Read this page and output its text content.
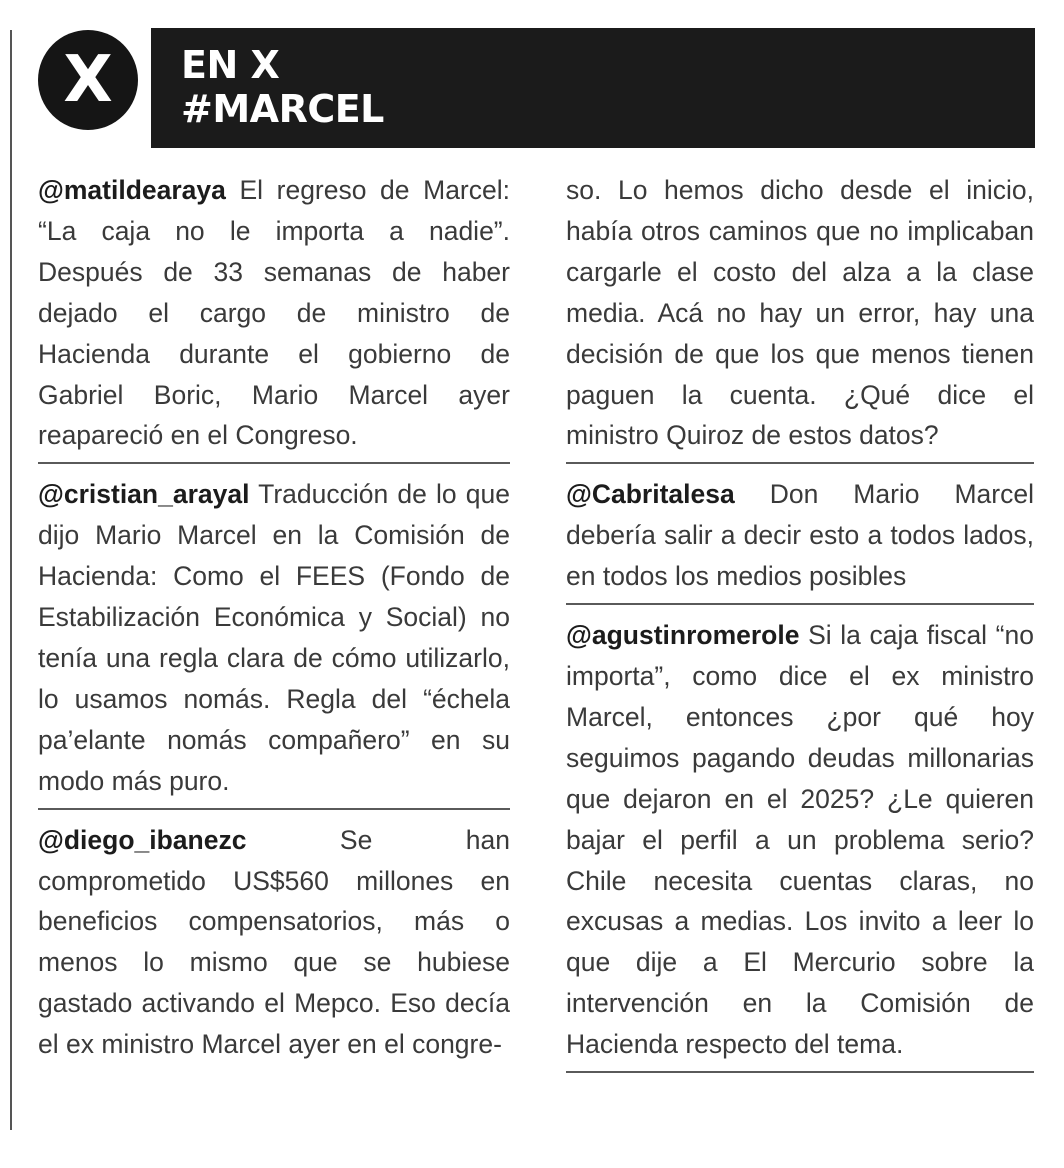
X EN X
#MARCEL
@matildearaya El regreso de Marcel: “La caja no le importa a nadie”. Después de 33 semanas de haber dejado el cargo de ministro de Hacienda durante el gobierno de Gabriel Boric, Mario Marcel ayer reapareció en el Congreso.
@cristian_arayal Traducción de lo que dijo Mario Marcel en la Comisión de Hacienda: Como el FEES (Fondo de Estabilización Económica y Social) no tenía una regla clara de cómo utilizarlo, lo usamos nomás. Regla del “échela pa’elante nomás compañero” en su modo más puro.
@diego_ibanezc	Se han comprometido US$560 millones en beneficios compensatorios, más o menos lo mismo que se hubiese gastado activando el Mepco. Eso decía el ex ministro Marcel ayer en el congre-
so. Lo hemos dicho desde el inicio, había otros caminos que no implicaban cargarle el costo del alza a la clase media. Acá no hay un error, hay una decisión de que los que menos tienen paguen la cuenta. ¿Qué dice el ministro Quiroz de estos datos?
@Cabritalesa Don Mario Marcel debería salir a decir esto a todos lados, en todos los medios posibles
@agustinromerole Si la caja fiscal “no importa”, como dice el ex ministro Marcel, entonces ¿por qué hoy seguimos pagando deudas millonarias que dejaron en el 2025? ¿Le quieren bajar el perfil a un problema serio? Chile necesita cuentas claras, no excusas a medias. Los invito a leer lo que dije a El Mercurio sobre la intervención en la Comisión de Hacienda respecto del tema.
